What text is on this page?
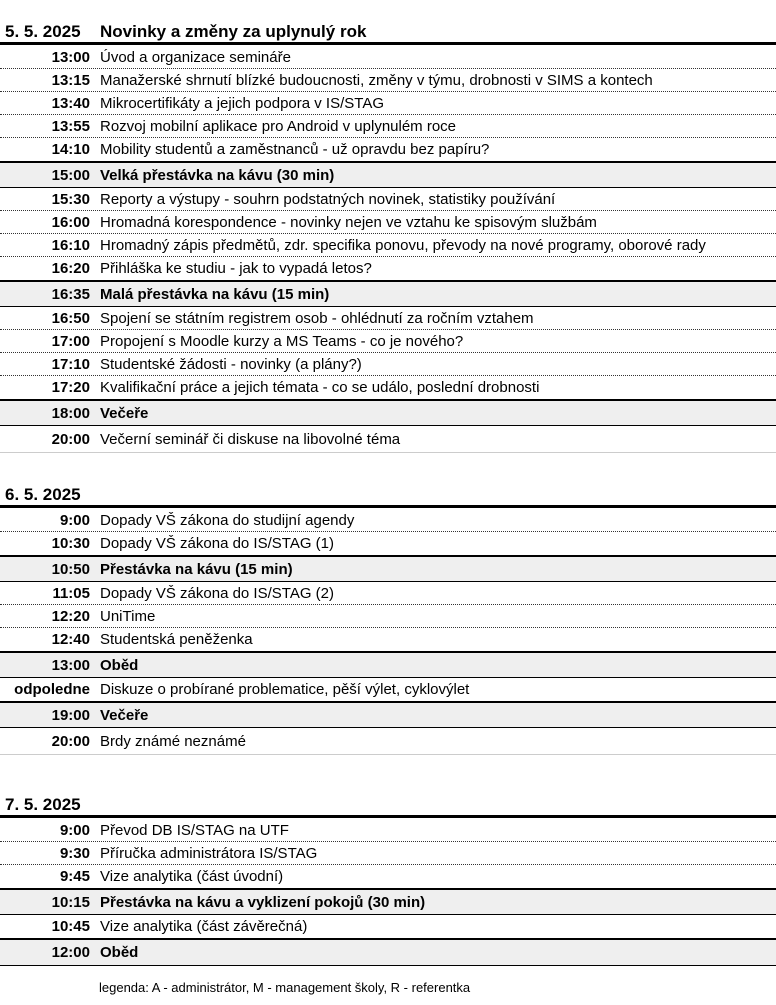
5. 5. 2025 Novinky a změny za uplynulý rok
13:00 Úvod a organizace semináře
13:15 Manažerské shrnutí blízké budoucnosti, změny v týmu, drobnosti v SIMS a kontech
13:40 Mikrocertifikáty a jejich podpora v IS/STAG
13:55 Rozvoj mobilní aplikace pro Android v uplynulém roce
14:10 Mobility studentů a zaměstnanců - už opravdu bez papíru?
15:00 Velká přestávka na kávu (30 min)
15:30 Reporty a výstupy - souhrn podstatných novinek, statistiky používání
16:00 Hromadná korespondence - novinky nejen ve vztahu ke spisovým službám
16:10 Hromadný zápis předmětů, zdr. specifika ponovu, převody na nové programy, oborové rady
16:20 Přihláška ke studiu - jak to vypadá letos?
16:35 Malá přestávka na kávu (15 min)
16:50 Spojení se státním registrem osob - ohlédnutí za ročním vztahem
17:00 Propojení s Moodle kurzy a MS Teams - co je nového?
17:10 Studentské žádosti - novinky (a plány?)
17:20 Kvalifikační práce a jejich témata - co se událo, poslední drobnosti
18:00 Večeře
20:00 Večerní seminář či diskuse na libovolné téma
6. 5. 2025
9:00 Dopady VŠ zákona do studijní agendy
10:30 Dopady VŠ zákona do IS/STAG (1)
10:50 Přestávka na kávu (15 min)
11:05 Dopady VŠ zákona do IS/STAG (2)
12:20 UniTime
12:40 Studentská peněženka
13:00 Oběd
odpoledne Diskuze o probírané problematice, pěší výlet, cyklovýlet
19:00 Večeře
20:00 Brdy známé neznámé
7. 5. 2025
9:00 Převod DB IS/STAG na UTF
9:30 Příručka administrátora IS/STAG
9:45 Vize analytika (část úvodní)
10:15 Přestávka na kávu a vyklizení pokojů (30 min)
10:45 Vize analytika (část závěrečná)
12:00 Oběd
legenda: A - administrátor, M - management školy, R - referentka
